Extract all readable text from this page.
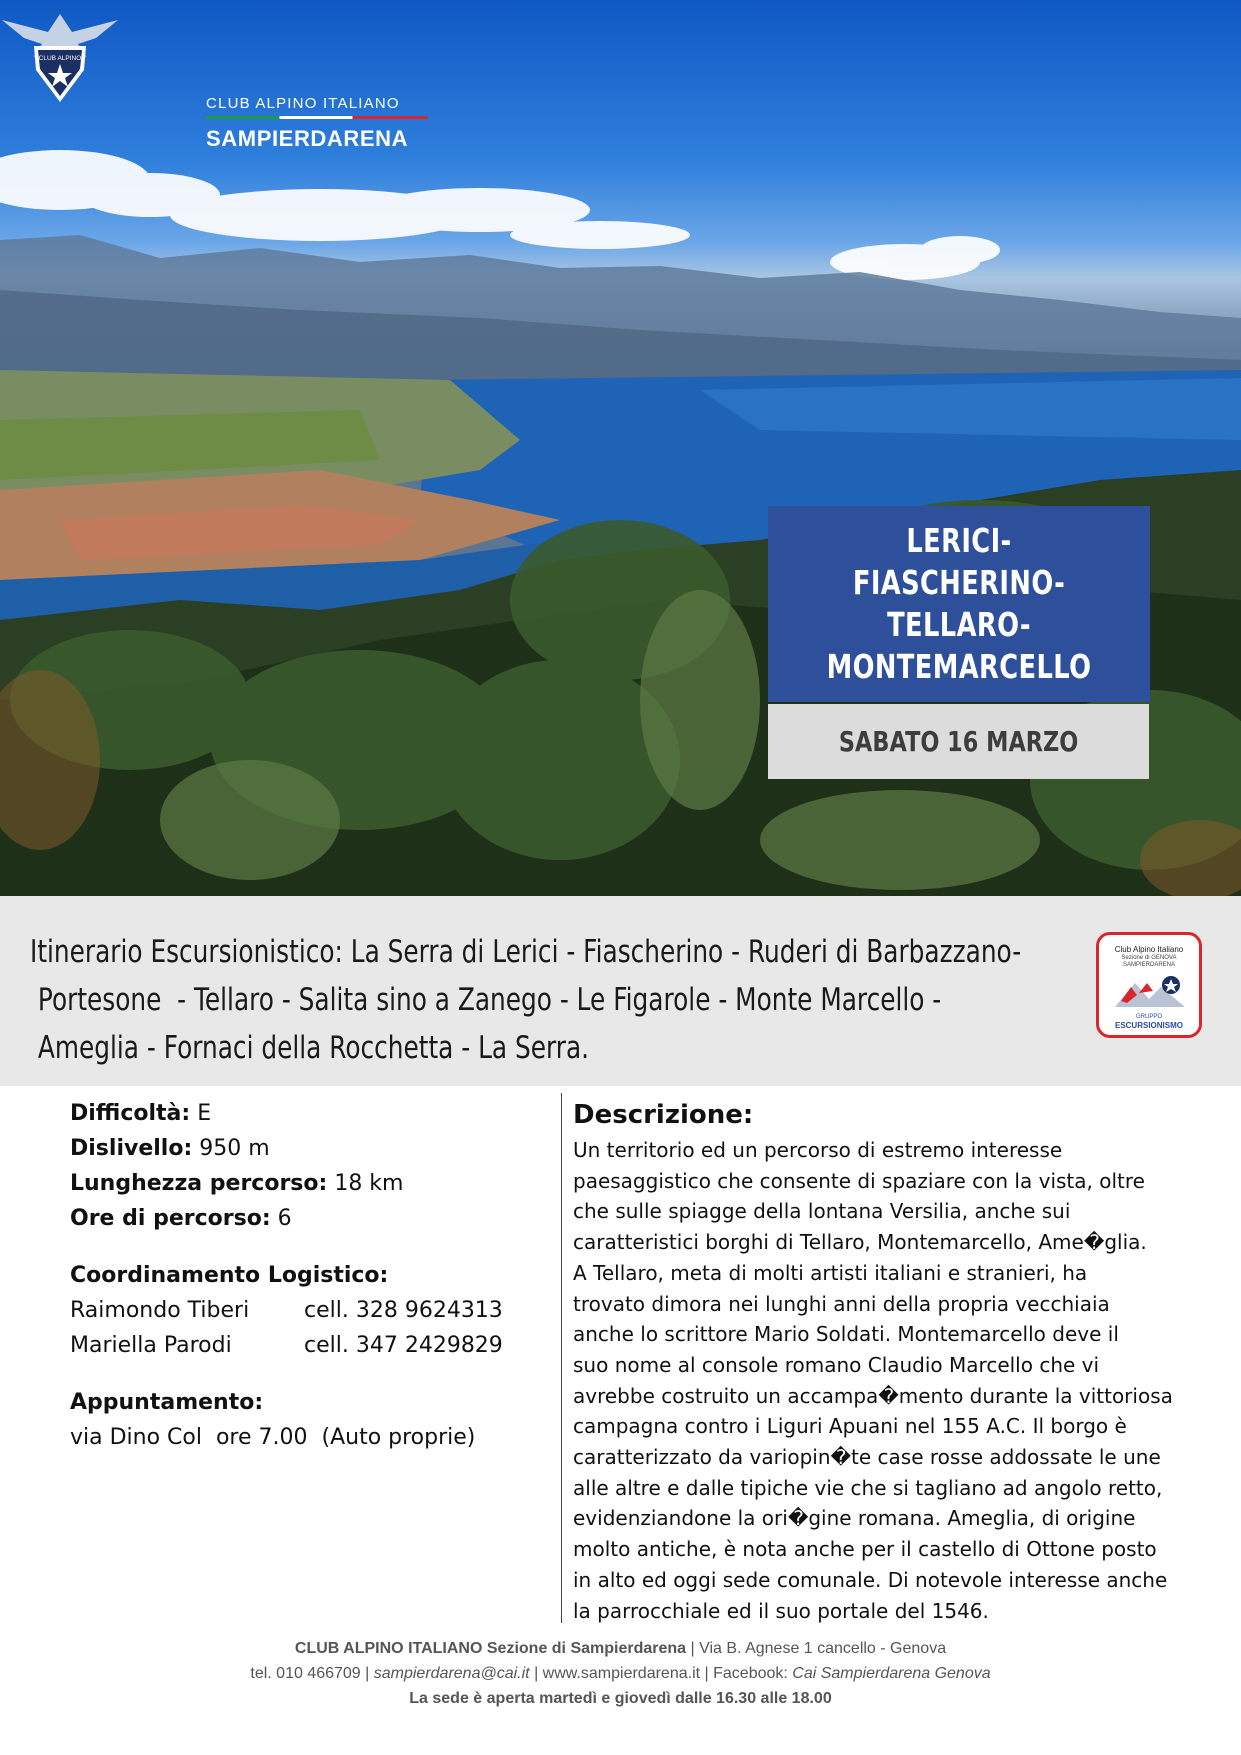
CLUB ALPINO
CLUB ALPINO ITALIANO
SAMPIERDARENA
LERICI-FIASCHERINO-
TELLARO-
MONTEMARCELLO
SABATO 16 MARZO
Itinerario Escursionistico: La Serra di Lerici - Fiascherino - Ruderi di Barbazzano-
Portesone  - Tellaro - Salita sino a Zanego - Le Figarole - Monte Marcello -
Ameglia - Fornaci della Rocchetta - La Serra.
Club Alpino Italiano
Sezione di GENOVA
SAMPIERDARENA
GRUPPO
ESCURSIONISMO
Difficoltà: E
Dislivello: 950 m
Lunghezza percorso: 18 km
Ore di percorso: 6
Coordinamento Logistico:
Raimondo Tiberi cell. 328 9624313
Mariella Parodi	cell. 347 2429829
Appuntamento:
via Dino Col  ore 7.00  (Auto proprie)
Descrizione:

Un territorio ed un percorso di estremo interesse
paesaggistico che consente di spaziare con la vista, oltre
che sulle spiagge della lontana Versilia, anche sui
caratteristici borghi di Tellaro, Montemarcello, Ame�glia.
A Tellaro, meta di molti artisti italiani e stranieri, ha
trovato dimora nei lunghi anni della propria vecchiaia
anche lo scrittore Mario Soldati. Montemarcello deve il
suo nome al console romano Claudio Marcello che vi
avrebbe costruito un accampa�mento durante la vittoriosa
campagna contro i Liguri Apuani nel 155 A.C. Il borgo è
caratterizzato da variopin�te case rosse addossate le une
alle altre e dalle tipiche vie che si tagliano ad angolo retto,
evidenziandone la ori�gine romana. Ameglia, di origine
molto antiche, è nota anche per il castello di Ottone posto
in alto ed oggi sede comunale. Di notevole interesse anche
la parrocchiale ed il suo portale del 1546.

CLUB ALPINO ITALIANO Sezione di Sampierdarena | Via B. Agnese 1 cancello - Genova
tel. 010 466709 | sampierdarena@cai.it | www.sampierdarena.it | Facebook: Cai Sampierdarena Genova
La sede è aperta martedì e giovedì dalle 16.30 alle 18.00
